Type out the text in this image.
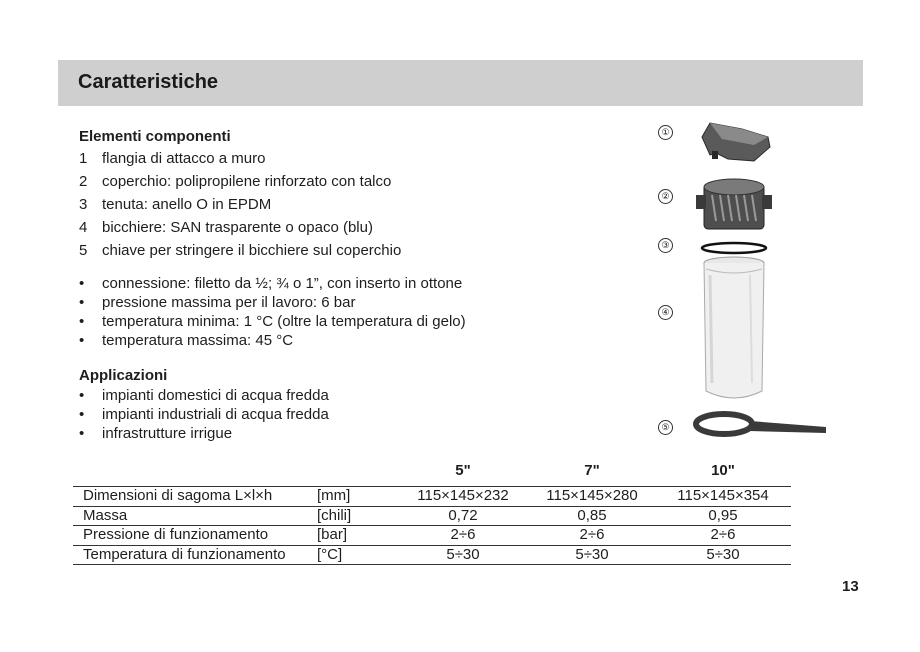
Caratteristiche

Elementi componenti

1 flangia di attacco a muro
2 coperchio: polipropilene rinforzato con talco
3 tenuta: anello O in EPDM
4 bicchiere: SAN trasparente o opaco (blu)
5 chiave per stringere il bicchiere sul coperchio
•	connessione: filetto da ½; ¾ o 1”, con inserto in ottone
•	pressione massima per il lavoro: 6 bar
•	temperatura minima: 1 °C (oltre la temperatura di gelo)
•	temperatura massima: 45 °C

Applicazioni

•	impianti domestici di acqua fredda
•	impianti industriali di acqua fredda
•	infrastrutture irrigue
①
②
③
④
⑤
		5"	7"	10"
Dimensioni di sagoma L×l×h	[mm]	115×145×232	115×145×280	115×145×354
Massa	[chili]	0,72	0,85	0,95
Pressione di funzionamento	[bar]	2÷6	2÷6	2÷6
Temperatura di funzionamento	[°C]	5÷30	5÷30	5÷30
13
